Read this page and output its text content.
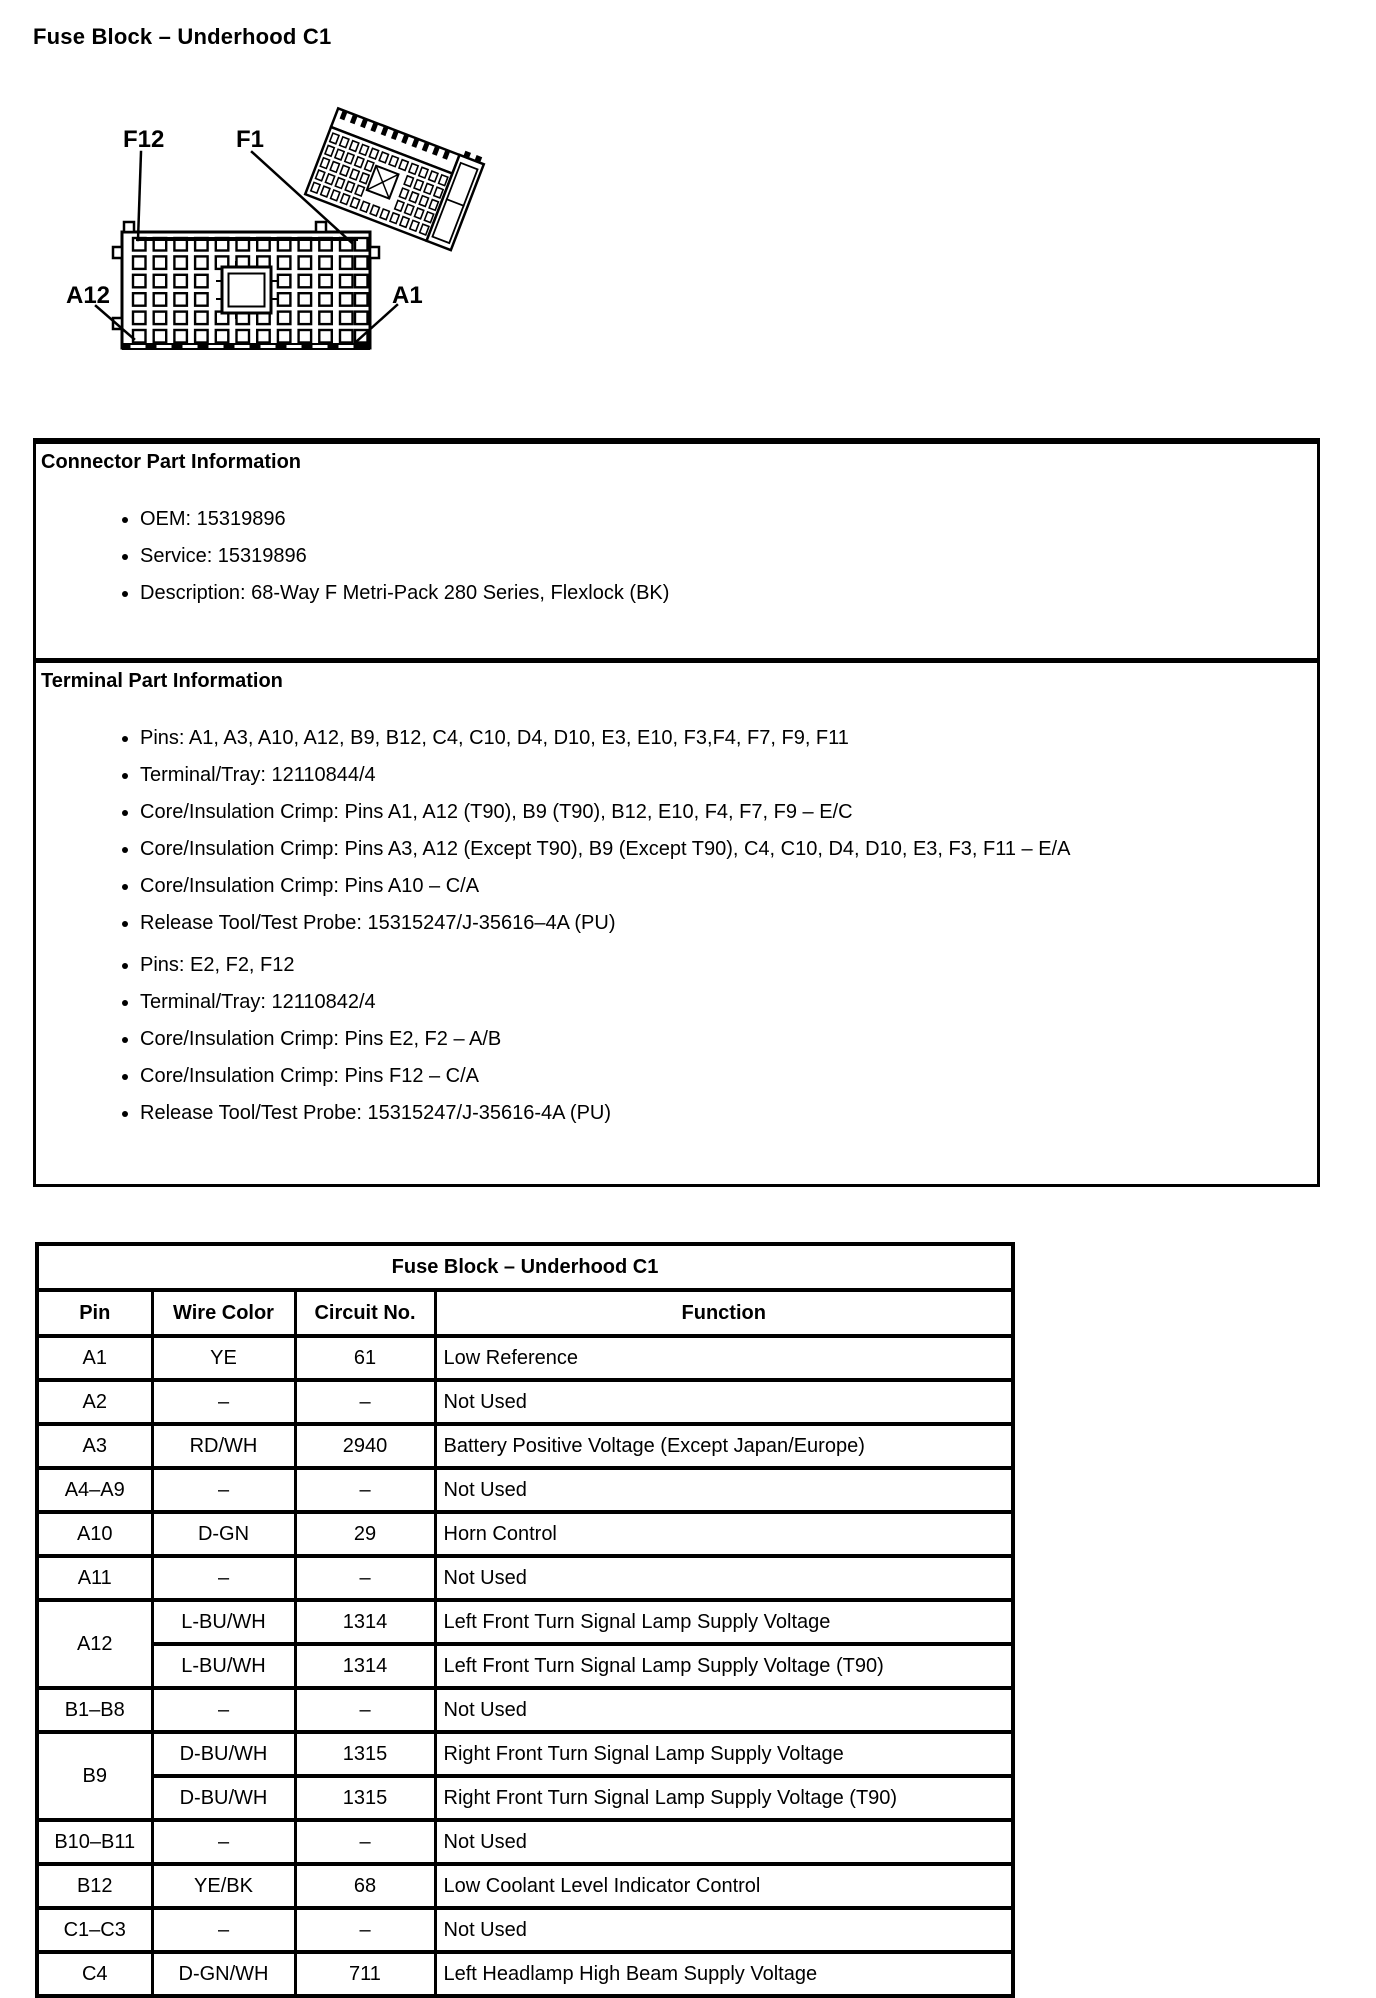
Fuse Block – Underhood C1
F12	F1
A12	A1
Connector Part Information
• OEM: 15319896
• Service: 15319896
• Description: 68-Way F Metri-Pack 280 Series, Flexlock (BK)
Terminal Part Information
• Pins: A1, A3, A10, A12, B9, B12, C4, C10, D4, D10, E3, E10, F3,F4, F7, F9, F11
• Terminal/Tray: 12110844/4
• Core/Insulation Crimp: Pins A1, A12 (T90), B9 (T90), B12, E10, F4, F7, F9 – E/C
• Core/Insulation Crimp: Pins A3, A12 (Except T90), B9 (Except T90), C4, C10, D4, D10, E3, F3, F11 – E/A
• Core/Insulation Crimp: Pins A10 – C/A
• Release Tool/Test Probe: 15315247/J-35616–4A (PU)
• Pins: E2, F2, F12
• Terminal/Tray: 12110842/4
• Core/Insulation Crimp: Pins E2, F2 – A/B
• Core/Insulation Crimp: Pins F12 – C/A
• Release Tool/Test Probe: 15315247/J-35616-4A (PU)
Fuse Block – Underhood C1			
Pin	Wire Color	Circuit No.	Function
A1	YE	61	Low Reference
A2	–	–	Not Used
A3	RD/WH	2940	Battery Positive Voltage (Except Japan/Europe)
A4–A9	–	–	Not Used
A10	D-GN	29	Horn Control
A11	–	–	Not Used
A12	L-BU/WH	1314	Left Front Turn Signal Lamp Supply Voltage
	L-BU/WH	1314	Left Front Turn Signal Lamp Supply Voltage (T90)
B1–B8	–	–	Not Used
B9	D-BU/WH	1315	Right Front Turn Signal Lamp Supply Voltage
	D-BU/WH	1315	Right Front Turn Signal Lamp Supply Voltage (T90)
B10–B11	–	–	Not Used
B12	YE/BK	68	Low Coolant Level Indicator Control
C1–C3	–	–	Not Used
C4	D-GN/WH	711	Left Headlamp High Beam Supply Voltage
